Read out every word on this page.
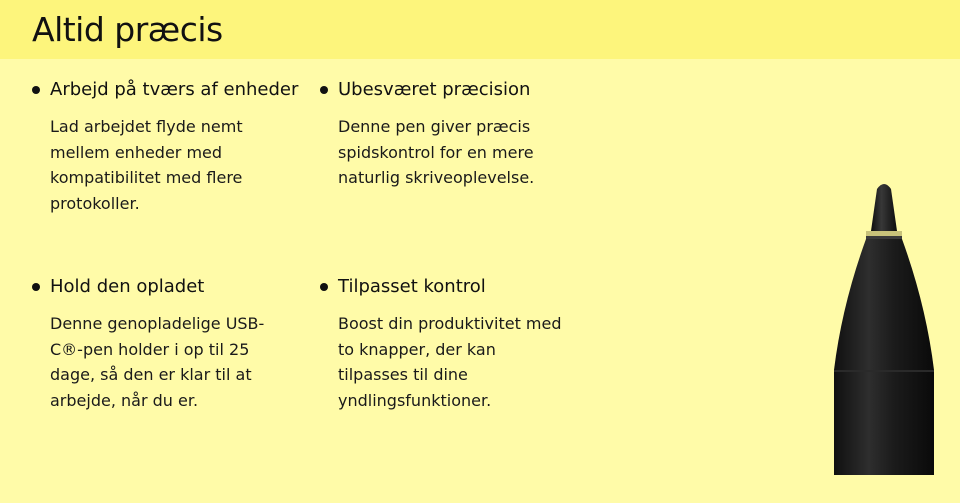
Altid præcis
Arbejd på tværs af enheder

Lad arbejdet flyde nemt mellem enheder med kompatibilitet med flere protokoller.

Ubesværet præcision

Denne pen giver præcis spidskontrol for en mere naturlig skriveoplevelse.

Hold den opladet

Denne genopladelige USB-C®-pen holder i op til 25 dage, så den er klar til at arbejde, når du er.

Tilpasset kontrol

Boost din produktivitet med to knapper, der kan tilpasses til dine yndlingsfunktioner.
